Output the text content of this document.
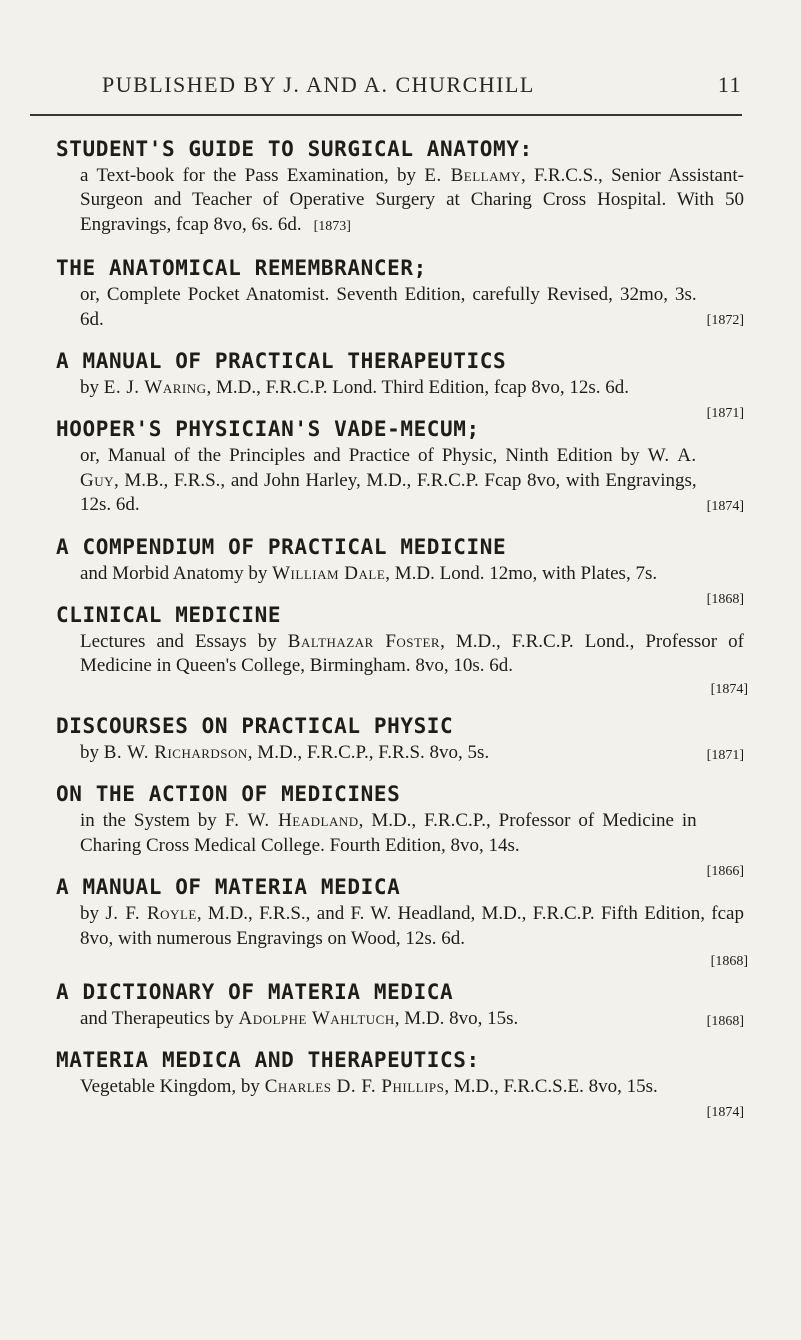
PUBLISHED BY J. AND A. CHURCHILL	11
STUDENT'S GUIDE TO SURGICAL ANATOMY:
a Text-book for the Pass Examination, by E. Bellamy, F.R.C.S., Senior Assistant-Surgeon and Teacher of Operative Surgery at Charing Cross Hospital. With 50 Engravings, fcap 8vo, 6s. 6d. [1873]
THE ANATOMICAL REMEMBRANCER;
[1872]
or, Complete Pocket Anatomist. Seventh Edition, carefully Revised, 32mo, 3s. 6d.
A MANUAL OF PRACTICAL THERAPEUTICS
[1871]
by E. J. Waring, M.D., F.R.C.P. Lond. Third Edition, fcap 8vo, 12s. 6d.
HOOPER'S PHYSICIAN'S VADE-MECUM;
[1874]
or, Manual of the Principles and Practice of Physic, Ninth Edition by W. A. Guy, M.B., F.R.S., and John Harley, M.D., F.R.C.P. Fcap 8vo, with Engravings, 12s. 6d.
A COMPENDIUM OF PRACTICAL MEDICINE
[1868]
and Morbid Anatomy by William Dale, M.D. Lond. 12mo, with Plates, 7s.
CLINICAL MEDICINE
Lectures and Essays by Balthazar Foster, M.D., F.R.C.P. Lond., Professor of Medicine in Queen's College, Birmingham. 8vo, 10s. 6d.
[1874]
DISCOURSES ON PRACTICAL PHYSIC
[1871]
by B. W. Richardson, M.D., F.R.C.P., F.R.S. 8vo, 5s.
ON THE ACTION OF MEDICINES
[1866]
in the System by F. W. Headland, M.D., F.R.C.P., Professor of Medicine in Charing Cross Medical College. Fourth Edition, 8vo, 14s.
A MANUAL OF MATERIA MEDICA
by J. F. Royle, M.D., F.R.S., and F. W. Headland, M.D., F.R.C.P. Fifth Edition, fcap 8vo, with numerous Engravings on Wood, 12s. 6d.
[1868]
A DICTIONARY OF MATERIA MEDICA
[1868]
and Therapeutics by Adolphe Wahltuch, M.D. 8vo, 15s.
MATERIA MEDICA AND THERAPEUTICS:
[1874]
Vegetable Kingdom, by Charles D. F. Phillips, M.D., F.R.C.S.E. 8vo, 15s.
